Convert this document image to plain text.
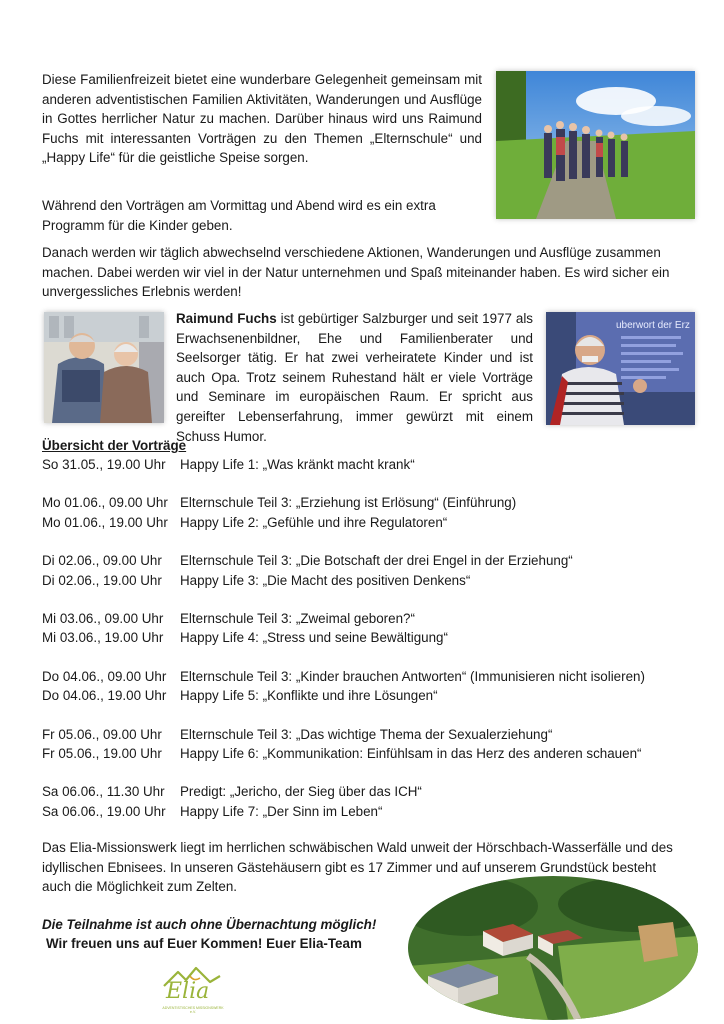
Diese Familienfreizeit bietet eine wunderbare Gelegenheit gemeinsam mit anderen adventistischen Familien Aktivitäten, Wanderungen und Ausflüge in Gottes herrlicher Natur zu machen. Darüber hinaus wird uns Raimund Fuchs mit interessanten Vorträgen zu den Themen „Elternschule“ und „Happy Life“ für die geistliche Speise sorgen.

Während den Vorträgen am Vormittag und Abend wird es ein extra Programm für die Kinder geben.

Danach werden wir täglich abwechselnd verschiedene Aktionen, Wanderungen und Ausflüge zusammen machen. Dabei werden wir viel in der Natur unternehmen und Spaß miteinander haben. Es wird sicher ein unvergessliches Erlebnis werden!

Raimund Fuchs ist gebürtiger Salzburger und seit 1977 als Erwachsenenbildner, Ehe und Familienberater und Seelsorger tätig. Er hat zwei verheiratete Kinder und ist auch Opa. Trotz seinem Ruhestand hält er viele Vorträge und Seminare im europäischen Raum. Er spricht aus gereifter Lebenserfahrung, immer gewürzt mit einem Schuss Humor.

uberwort der Erz
Übersicht der Vorträge
So 31.05., 19.00 Uhr	Happy Life 1: „Was kränkt macht krank“
Mo 01.06., 09.00 Uhr Elternschule Teil 3: „Erziehung ist Erlösung“ (Einführung)
Mo 01.06., 19.00 Uhr Happy Life 2: „Gefühle und ihre Regulatoren“
Di 02.06., 09.00 Uhr	Elternschule Teil 3: „Die Botschaft der drei Engel in der Erziehung“
Di 02.06., 19.00 Uhr	Happy Life 3: „Die Macht des positiven Denkens“
Mi 03.06., 09.00 Uhr	Elternschule Teil 3: „Zweimal geboren?“
Mi 03.06., 19.00 Uhr	Happy Life 4: „Stress und seine Bewältigung“
Do 04.06., 09.00 Uhr	Elternschule Teil 3: „Kinder brauchen Antworten“ (Immunisieren nicht isolieren)
Do 04.06., 19.00 Uhr	Happy Life 5: „Konflikte und ihre Lösungen“
Fr 05.06., 09.00 Uhr	Elternschule Teil 3: „Das wichtige Thema der Sexualerziehung“
Fr 05.06., 19.00 Uhr	Happy Life 6: „Kommunikation: Einfühlsam in das Herz des anderen schauen“
Sa 06.06., 11.30 Uhr	Predigt: „Jericho, der Sieg über das ICH“
Sa 06.06., 19.00 Uhr	Happy Life 7: „Der Sinn im Leben“

Das Elia-Missionswerk liegt im herrlichen schwäbischen Wald unweit der Hörschbach-Wasserfälle und des idyllischen Ebnisees. In unseren Gästehäusern gibt es 17 Zimmer und auf unserem Grundstück besteht auch die Möglichkeit zum Zelten.

Die Teilnahme ist auch ohne Übernachtung möglich!
Wir freuen uns auf Euer Kommen! Euer Elia-Team
Elia
ADVENTISTISCHES MISSIONSWERK e.V.
